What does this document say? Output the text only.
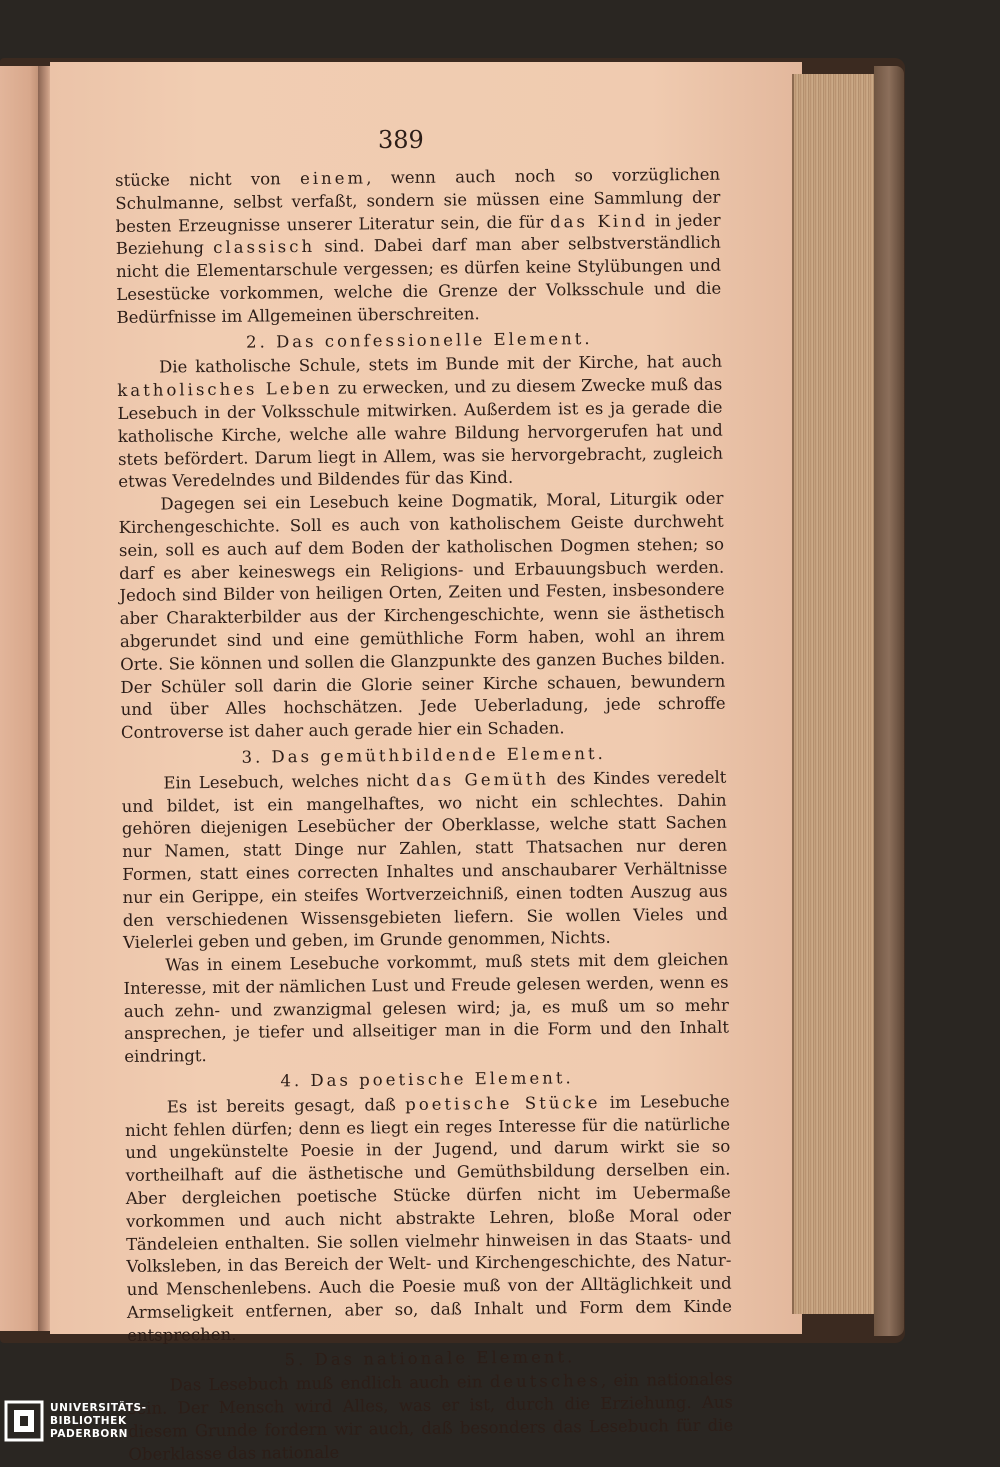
389

stücke nicht von einem, wenn auch noch so vorzüglichen Schulmanne, selbst verfaßt, sondern sie müssen eine Sammlung der besten Erzeugnisse unserer Literatur sein, die für das Kind in jeder Beziehung classisch sind. Dabei darf man aber selbstverständlich nicht die Elementarschule vergessen; es dürfen keine Stylübungen und Lesestücke vorkommen, welche die Grenze der Volksschule und die Bedürfnisse im Allgemeinen überschreiten.

2. Das confessionelle Element.

Die katholische Schule, stets im Bunde mit der Kirche, hat auch katholisches Leben zu erwecken, und zu diesem Zwecke muß das Lesebuch in der Volksschule mitwirken. Außerdem ist es ja gerade die katholische Kirche, welche alle wahre Bildung hervorgerufen hat und stets befördert. Darum liegt in Allem, was sie hervorgebracht, zugleich etwas Veredelndes und Bildendes für das Kind.

Dagegen sei ein Lesebuch keine Dogmatik, Moral, Liturgik oder Kirchengeschichte. Soll es auch von katholischem Geiste durchweht sein, soll es auch auf dem Boden der katholischen Dogmen stehen; so darf es aber keineswegs ein Religions- und Erbauungsbuch werden. Jedoch sind Bilder von heiligen Orten, Zeiten und Festen, insbesondere aber Charakterbilder aus der Kirchengeschichte, wenn sie ästhetisch abgerundet sind und eine gemüthliche Form haben, wohl an ihrem Orte. Sie können und sollen die Glanzpunkte des ganzen Buches bilden. Der Schüler soll darin die Glorie seiner Kirche schauen, bewundern und über Alles hochschätzen. Jede Ueberladung, jede schroffe Controverse ist daher auch gerade hier ein Schaden.

3. Das gemüthbildende Element.

Ein Lesebuch, welches nicht das Gemüth des Kindes veredelt und bildet, ist ein mangelhaftes, wo nicht ein schlechtes. Dahin gehören diejenigen Lesebücher der Oberklasse, welche statt Sachen nur Namen, statt Dinge nur Zahlen, statt Thatsachen nur deren Formen, statt eines correcten Inhaltes und anschaubarer Verhältnisse nur ein Gerippe, ein steifes Wortverzeichniß, einen todten Auszug aus den verschiedenen Wissensgebieten liefern. Sie wollen Vieles und Vielerlei geben und geben, im Grunde genommen, Nichts.

Was in einem Lesebuche vorkommt, muß stets mit dem gleichen Interesse, mit der nämlichen Lust und Freude gelesen werden, wenn es auch zehn- und zwanzigmal gelesen wird; ja, es muß um so mehr ansprechen, je tiefer und allseitiger man in die Form und den Inhalt eindringt.

4. Das poetische Element.

Es ist bereits gesagt, daß poetische Stücke im Lesebuche nicht fehlen dürfen; denn es liegt ein reges Interesse für die natürliche und ungekünstelte Poesie in der Jugend, und darum wirkt sie so vortheilhaft auf die ästhetische und Gemüthsbildung derselben ein. Aber dergleichen poetische Stücke dürfen nicht im Uebermaße vorkommen und auch nicht abstrakte Lehren, bloße Moral oder Tändeleien enthalten. Sie sollen vielmehr hinweisen in das Staats- und Volksleben, in das Bereich der Welt- und Kirchengeschichte, des Natur- und Menschenlebens. Auch die Poesie muß von der Alltäglichkeit und Armseligkeit entfernen, aber so, daß Inhalt und Form dem Kinde entsprechen.

5. Das nationale Element.

Das Lesebuch muß endlich auch ein deutsches, ein nationales sein. Der Mensch wird Alles, was er ist, durch die Erziehung. Aus diesem Grunde fordern wir auch, daß besonders das Lesebuch für die Oberklasse das nationale

UNIVERSITÄTS-
BIBLIOTHEK
PADERBORN
